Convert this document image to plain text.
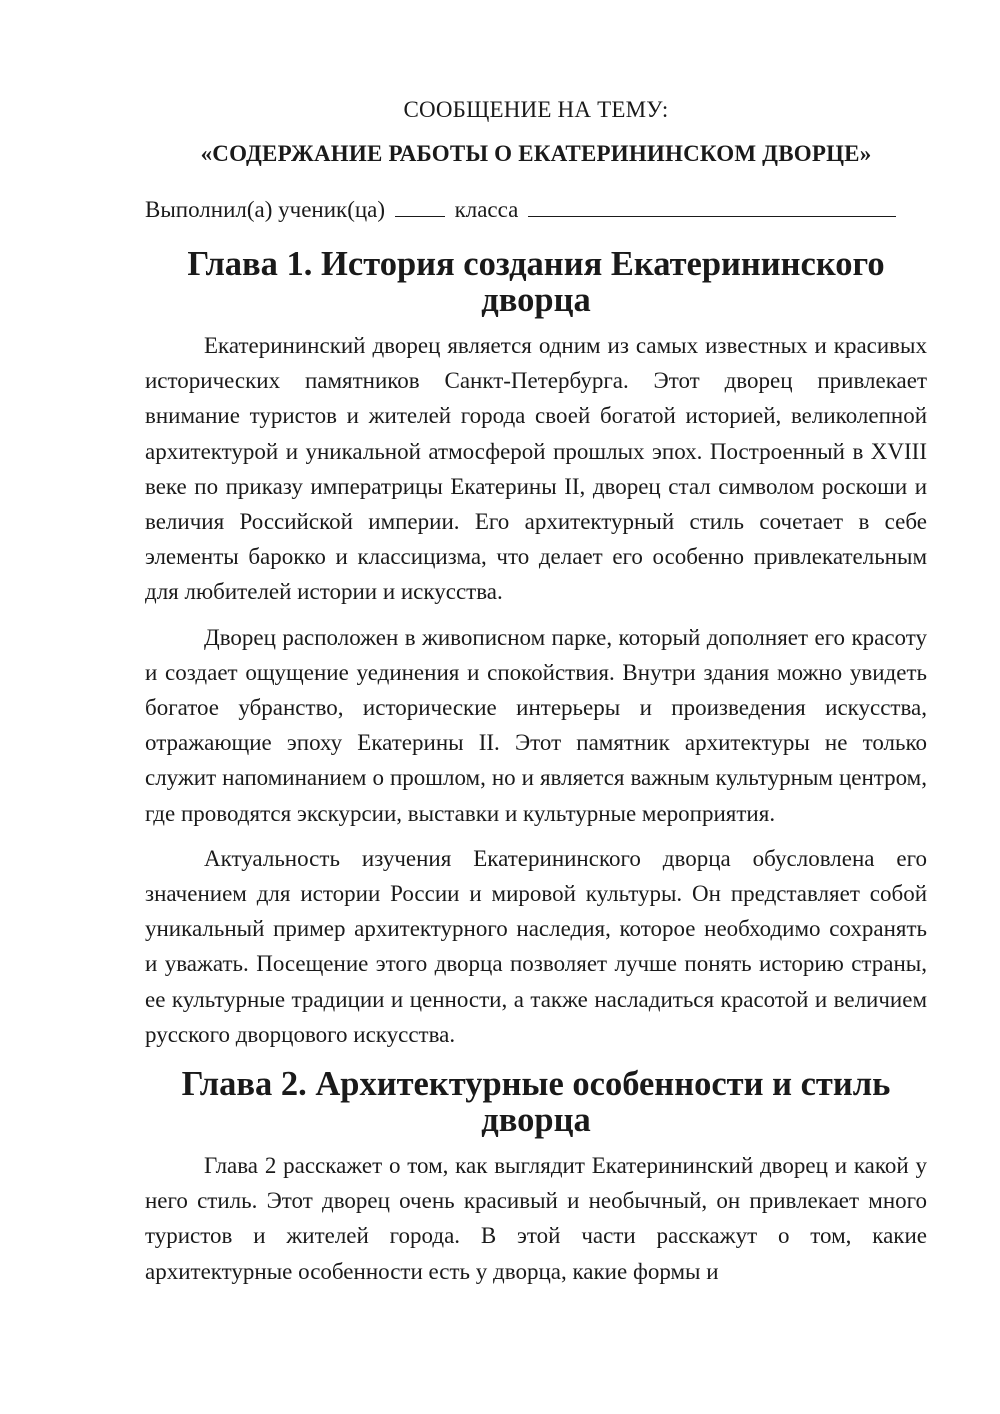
СООБЩЕНИЕ НА ТЕМУ:

«СОДЕРЖАНИЕ РАБОТЫ О ЕКАТЕРИНИНСКОМ ДВОРЦЕ»

Выполнил(а) ученик(ца)	класса

Глава 1. История создания Екатерининского дворца

Екатерининский дворец является одним из самых известных и красивых исторических памятников Санкт-Петербурга. Этот дворец привлекает внимание туристов и жителей города своей богатой историей, великолепной архитектурой и уникальной атмосферой прошлых эпох. Построенный в XVIII веке по приказу императрицы Екатерины II, дворец стал символом роскоши и величия Российской империи. Его архитектурный стиль сочетает в себе элементы барокко и классицизма, что делает его особенно привлекательным для любителей истории и искусства.

Дворец расположен в живописном парке, который дополняет его красоту и создает ощущение уединения и спокойствия. Внутри здания можно увидеть богатое убранство, исторические интерьеры и произведения искусства, отражающие эпоху Екатерины II. Этот памятник архитектуры не только служит напоминанием о прошлом, но и является важным культурным центром, где проводятся экскурсии, выставки и культурные мероприятия.

Актуальность изучения Екатерининского дворца обусловлена его значением для истории России и мировой культуры. Он представляет собой уникальный пример архитектурного наследия, которое необходимо сохранять и уважать. Посещение этого дворца позволяет лучше понять историю страны, ее культурные традиции и ценности, а также насладиться красотой и величием русского дворцового искусства.

Глава 2. Архитектурные особенности и стиль дворца

Глава 2 расскажет о том, как выглядит Екатерининский дворец и какой у него стиль. Этот дворец очень красивый и необычный, он привлекает много туристов и жителей города. В этой части расскажут о том, какие архитектурные особенности есть у дворца, какие формы и
